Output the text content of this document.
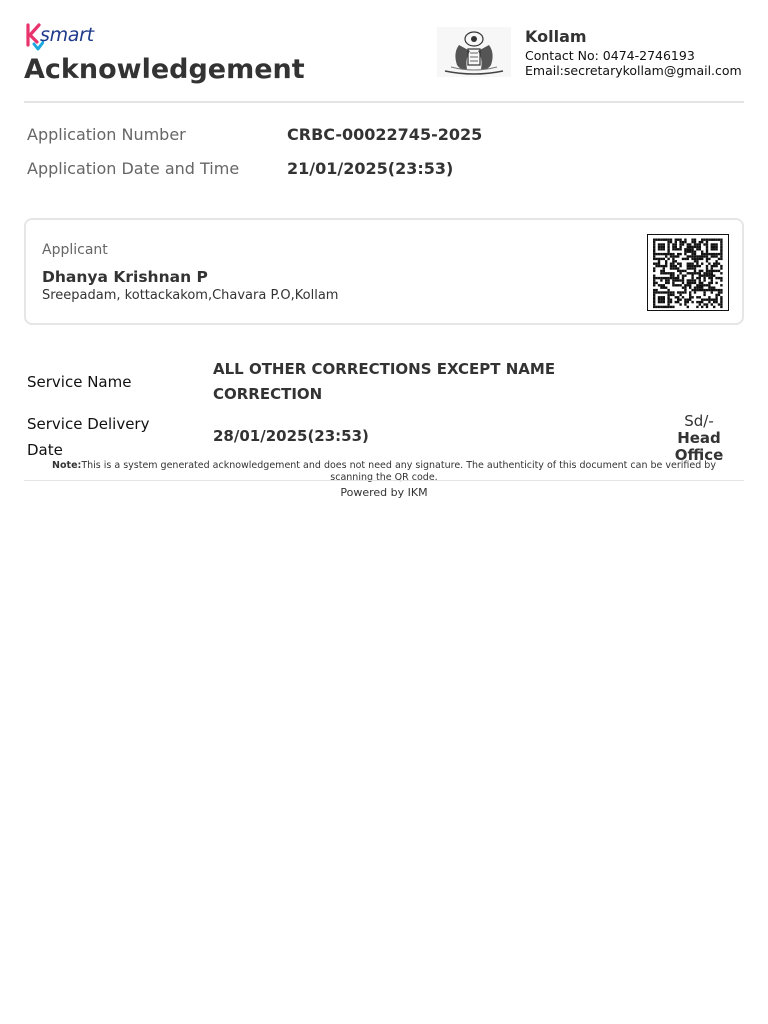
smart
Acknowledgement
Kollam
Contact No: 0474-2746193
Email:secretarykollam@gmail.com
Application Number	CRBC-00022745-2025
Application Date and Time	21/01/2025(23:53)
Applicant
Dhanya Krishnan P
Sreepadam, kottackakom,Chavara P.O,Kollam
Service Name
ALL OTHER CORRECTIONS EXCEPT NAME
CORRECTION
Service Delivery
Date
28/01/2025(23:53)
Sd/-
Head
Office
Note:This is a system generated acknowledgement and does not need any signature. The authenticity of this document can be verified by scanning the QR code.
Powered by IKM
